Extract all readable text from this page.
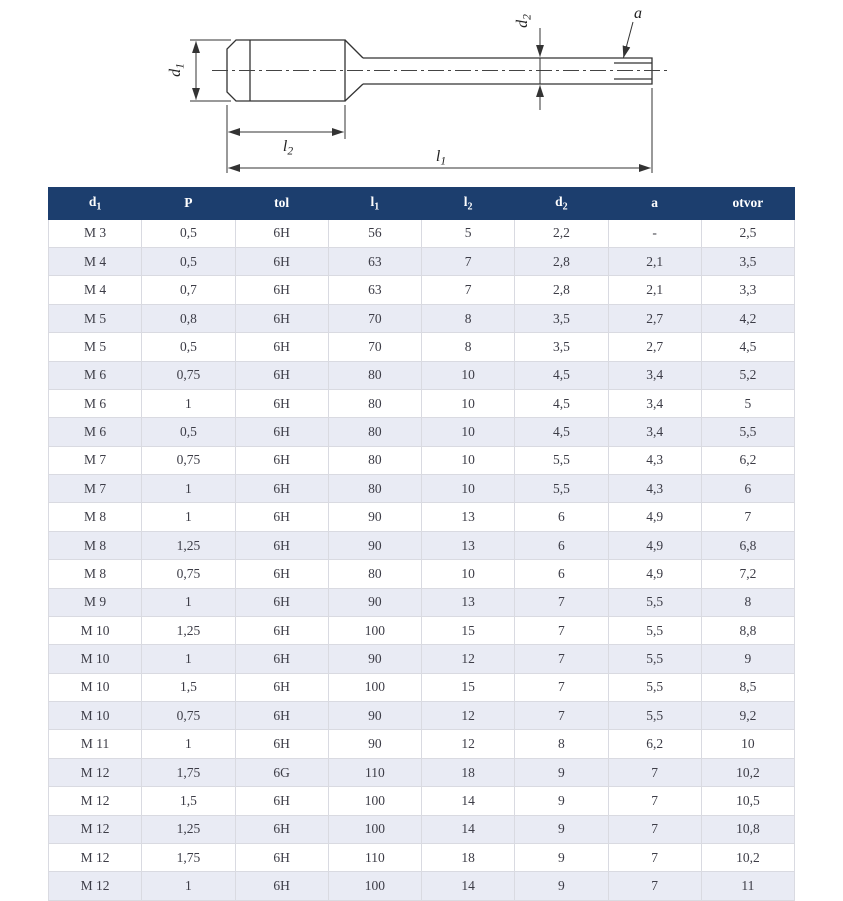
$d_1$
$l_2$	$l_1$
$d_2$	a
$d_1$	P	tol	$l_1$	$l_2$	$d_2$	a	otvor
M 3	0,5	6H	56	5	2,2	-	2,5
M 4	0,5	6H	63	7	2,8	2,1	3,5
M 4	0,7	6H	63	7	2,8	2,1	3,3
M 5	0,8	6H	70	8	3,5	2,7	4,2
M 5	0,5	6H	70	8	3,5	2,7	4,5
M 6	0,75	6H	80	10	4,5	3,4	5,2
M 6	1	6H	80	10	4,5	3,4	5
M 6	0,5	6H	80	10	4,5	3,4	5,5
M 7	0,75	6H	80	10	5,5	4,3	6,2
M 7	1	6H	80	10	5,5	4,3	6
M 8	1	6H	90	13	6	4,9	7
M 8	1,25	6H	90	13	6	4,9	6,8
M 8	0,75	6H	80	10	6	4,9	7,2
M 9	1	6H	90	13	7	5,5	8
M 10	1,25	6H	100	15	7	5,5	8,8
M 10	1	6H	90	12	7	5,5	9
M 10	1,5	6H	100	15	7	5,5	8,5
M 10	0,75	6H	90	12	7	5,5	9,2
M 11	1	6H	90	12	8	6,2	10
M 12	1,75	6G	110	18	9	7	10,2
M 12	1,5	6H	100	14	9	7	10,5
M 12	1,25	6H	100	14	9	7	10,8
M 12	1,75	6H	110	18	9	7	10,2
M 12	1	6H	100	14	9	7	11
